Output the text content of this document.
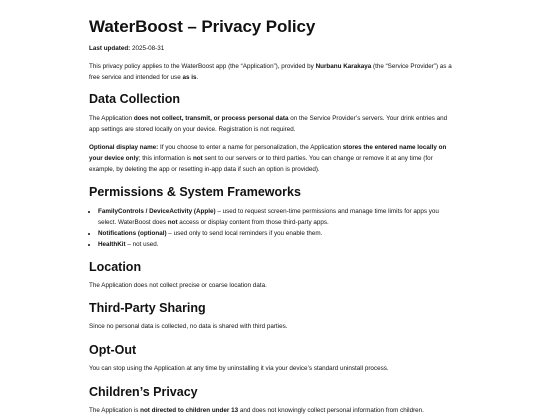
WaterBoost – Privacy Policy

Last updated: 2025-08-31

This privacy policy applies to the WaterBoost app (the “Application”), provided by Nurbanu Karakaya (the “Service Provider”) as a free service and intended for use as is.

Data Collection

The Application does not collect, transmit, or process personal data on the Service Provider’s servers. Your drink entries and app settings are stored locally on your device. Registration is not required.

Optional display name: If you choose to enter a name for personalization, the Application stores the entered name locally on your device only; this information is not sent to our servers or to third parties. You can change or remove it at any time (for example, by deleting the app or resetting in-app data if such an option is provided).

Permissions & System Frameworks
• FamilyControls / DeviceActivity (Apple) – used to request screen-time permissions and manage time limits for apps you select. WaterBoost does not access or display content from those third-party apps.
• Notifications (optional) – used only to send local reminders if you enable them.
• HealthKit – not used.
Location

The Application does not collect precise or coarse location data.

Third-Party Sharing

Since no personal data is collected, no data is shared with third parties.

Opt-Out

You can stop using the Application at any time by uninstalling it via your device’s standard uninstall process.

Children’s Privacy

The Application is not directed to children under 13 and does not knowingly collect personal information from children.
